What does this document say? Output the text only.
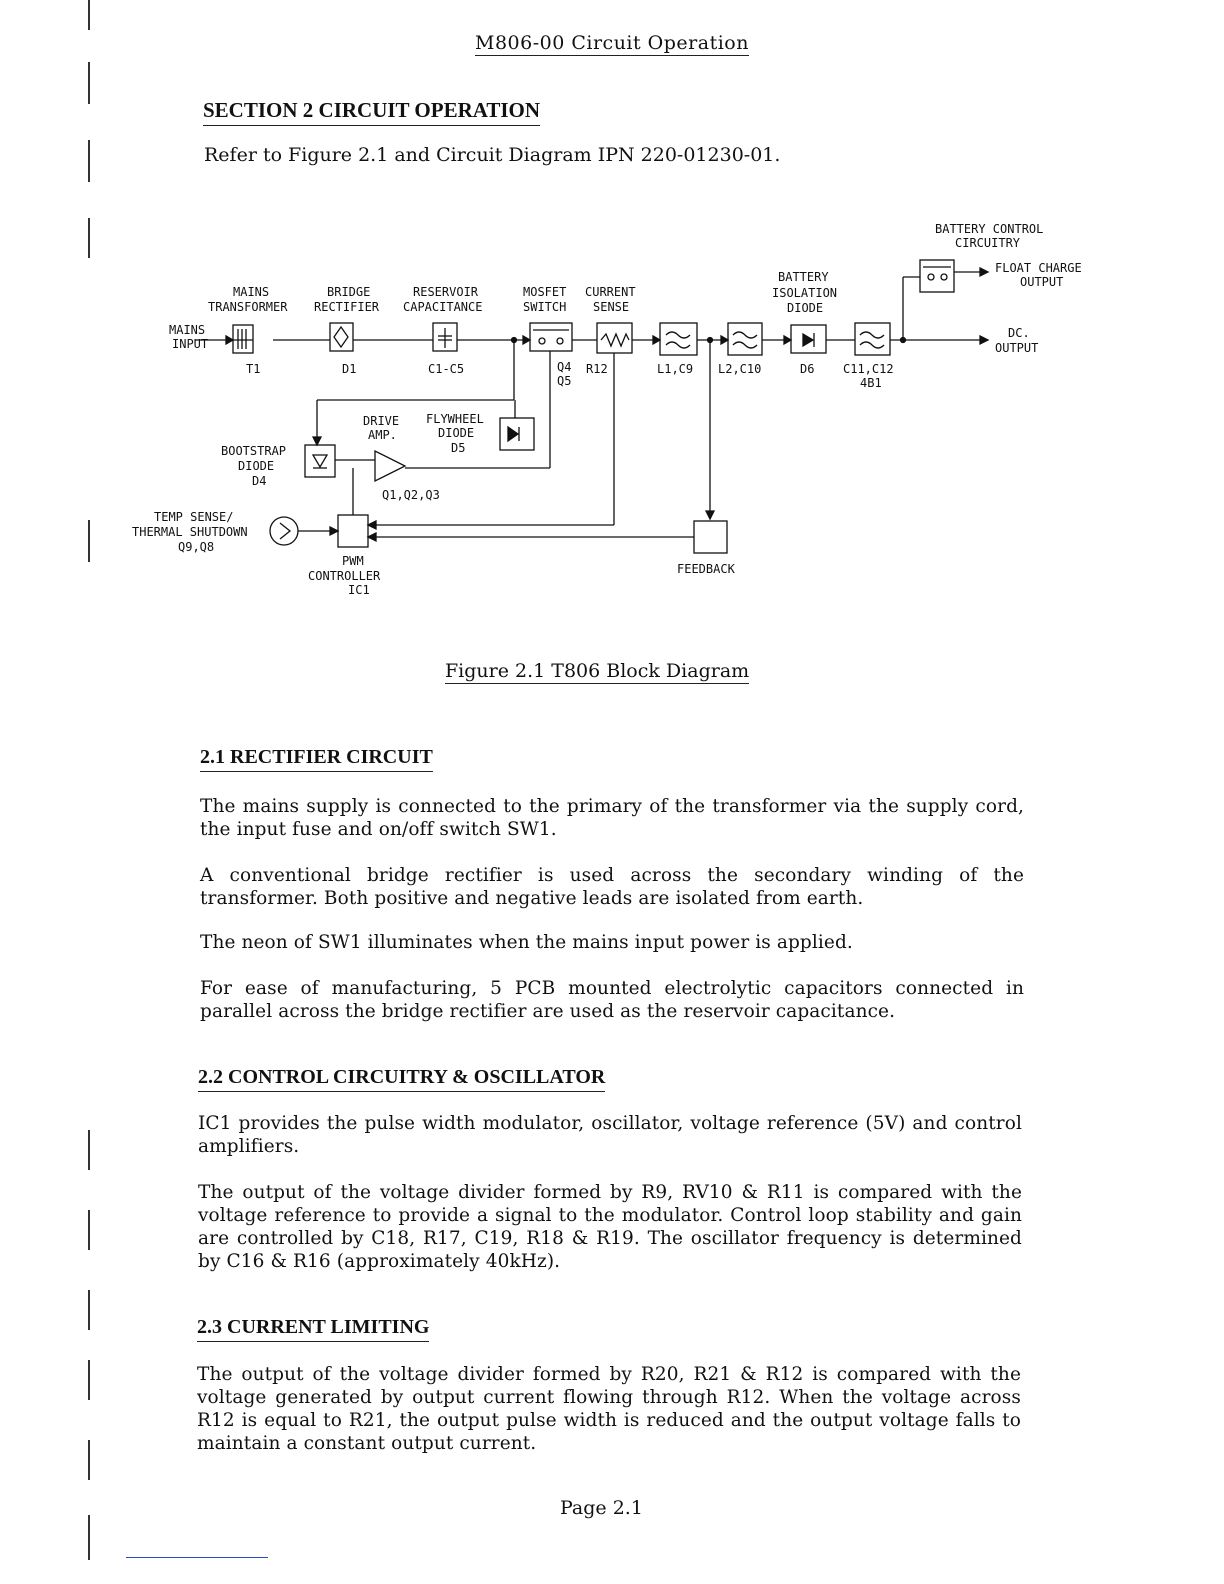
M806-00 Circuit Operation
SECTION 2 CIRCUIT OPERATION
Refer to Figure 2.1 and Circuit Diagram IPN 220-01230-01.
BATTERY CONTROL
CIRCUITRY
FLOAT CHARGE
OUTPUT
BATTERY
ISOLATION
DIODE
MAINS
TRANSFORMER
BRIDGE
RECTIFIER
RESERVOIR
CAPACITANCE
MOSFET
SWITCH
CURRENT
SENSE
DC.
OUTPUT
MAINS
INPUT
T1	D1	C1-C5	Q4
Q5
R12	L1,C9 L2,C10	D6 C11,C12
4B1
DRIVE
AMP.
FLYWHEEL
DIODE
D5
BOOTSTRAP
DIODE
D4
Q1,Q2,Q3
TEMP SENSE/
THERMAL SHUTDOWN
Q9,Q8
PWM
CONTROLLER
IC1
FEEDBACK
Figure 2.1 T806 Block Diagram
2.1 RECTIFIER CIRCUIT
The mains supply is connected to the primary of the transformer via the supply cord, the input fuse and on/off switch SW1.
A conventional bridge rectifier is used across the secondary winding of the transformer. Both positive and negative leads are isolated from earth.
The neon of SW1 illuminates when the mains input power is applied.
For ease of manufacturing, 5 PCB mounted electrolytic capacitors connected in parallel across the bridge rectifier are used as the reservoir capacitance.
2.2 CONTROL CIRCUITRY & OSCILLATOR
IC1 provides the pulse width modulator, oscillator, voltage reference (5V) and control amplifiers.
The output of the voltage divider formed by R9, RV10 & R11 is compared with the voltage reference to provide a signal to the modulator. Control loop stability and gain are controlled by C18, R17, C19, R18 & R19. The oscillator frequency is determined by C16 & R16 (approximately 40kHz).
2.3 CURRENT LIMITING
The output of the voltage divider formed by R20, R21 & R12 is compared with the voltage generated by output current flowing through R12. When the voltage across R12 is equal to R21, the output pulse width is reduced and the output voltage falls to maintain a constant output current.
Page 2.1
